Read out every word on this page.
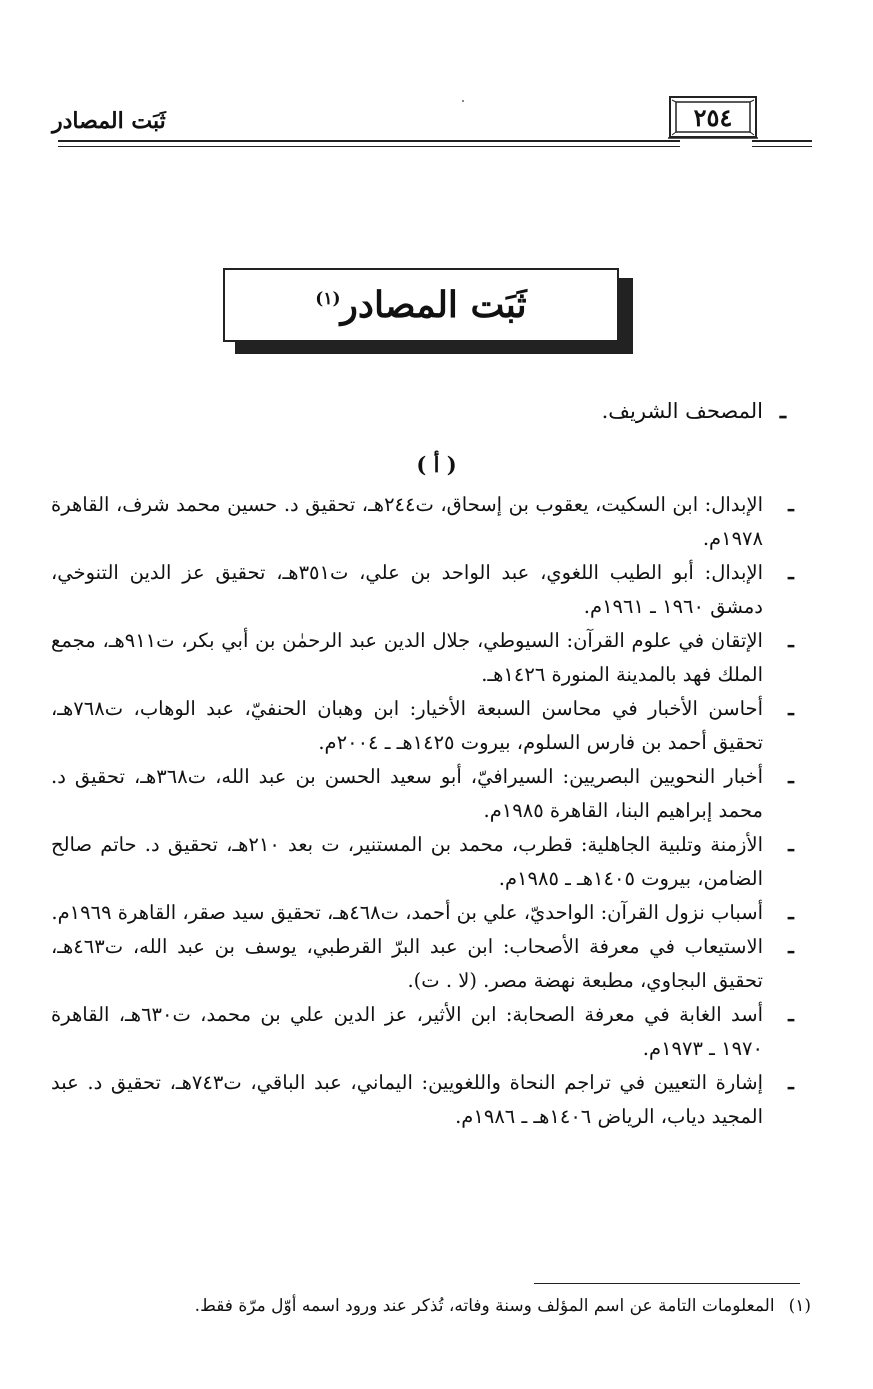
ثَبَت المصادر	٢٥٤
ثَبَت المصادر$^{(١)}$
ـالمصحف الشريف.
( أ )
ـ
الإبدال: ابن السكيت، يعقوب بن إسحاق، ت٢٤٤هـ، تحقيق د. حسين محمد شرف، القاهرة ١٩٧٨م.
ـ
الإبدال: أبو الطيب اللغوي، عبد الواحد بن علي، ت٣٥١هـ، تحقيق عز الدين التنوخي، دمشق ١٩٦٠ ـ ١٩٦١م.
ـ
الإتقان في علوم القرآن: السيوطي، جلال الدين عبد الرحمٰن بن أبي بكر، ت٩١١هـ، مجمع الملك فهد بالمدينة المنورة ١٤٢٦هـ.
ـ
أحاسن الأخبار في محاسن السبعة الأخيار: ابن وهبان الحنفيّ، عبد الوهاب، ت٧٦٨هـ، تحقيق أحمد بن فارس السلوم، بيروت ١٤٢٥هـ ـ ٢٠٠٤م.
ـ
أخبار النحويين البصريين: السيرافيّ، أبو سعيد الحسن بن عبد الله، ت٣٦٨هـ، تحقيق د. محمد إبراهيم البنا، القاهرة ١٩٨٥م.
ـ
الأزمنة وتلبية الجاهلية: قطرب، محمد بن المستنير، ت بعد ٢١٠هـ، تحقيق د. حاتم صالح الضامن، بيروت ١٤٠٥هـ ـ ١٩٨٥م.
ـ
أسباب نزول القرآن: الواحديّ، علي بن أحمد، ت٤٦٨هـ، تحقيق سيد صقر، القاهرة ١٩٦٩م.
ـ
الاستيعاب في معرفة الأصحاب: ابن عبد البرّ القرطبي، يوسف بن عبد الله، ت٤٦٣هـ، تحقيق البجاوي، مطبعة نهضة مصر. (لا . ت).
ـ
أسد الغابة في معرفة الصحابة: ابن الأثير، عز الدين علي بن محمد، ت٦٣٠هـ، القاهرة ١٩٧٠ ـ ١٩٧٣م.
ـ
إشارة التعيين في تراجم النحاة واللغويين: اليماني، عبد الباقي، ت٧٤٣هـ، تحقيق د. عبد المجيد دياب، الرياض ١٤٠٦هـ ـ ١٩٨٦م.
(١)المعلومات التامة عن اسم المؤلف وسنة وفاته، تُذكر عند ورود اسمه أوّل مرّة فقط.
